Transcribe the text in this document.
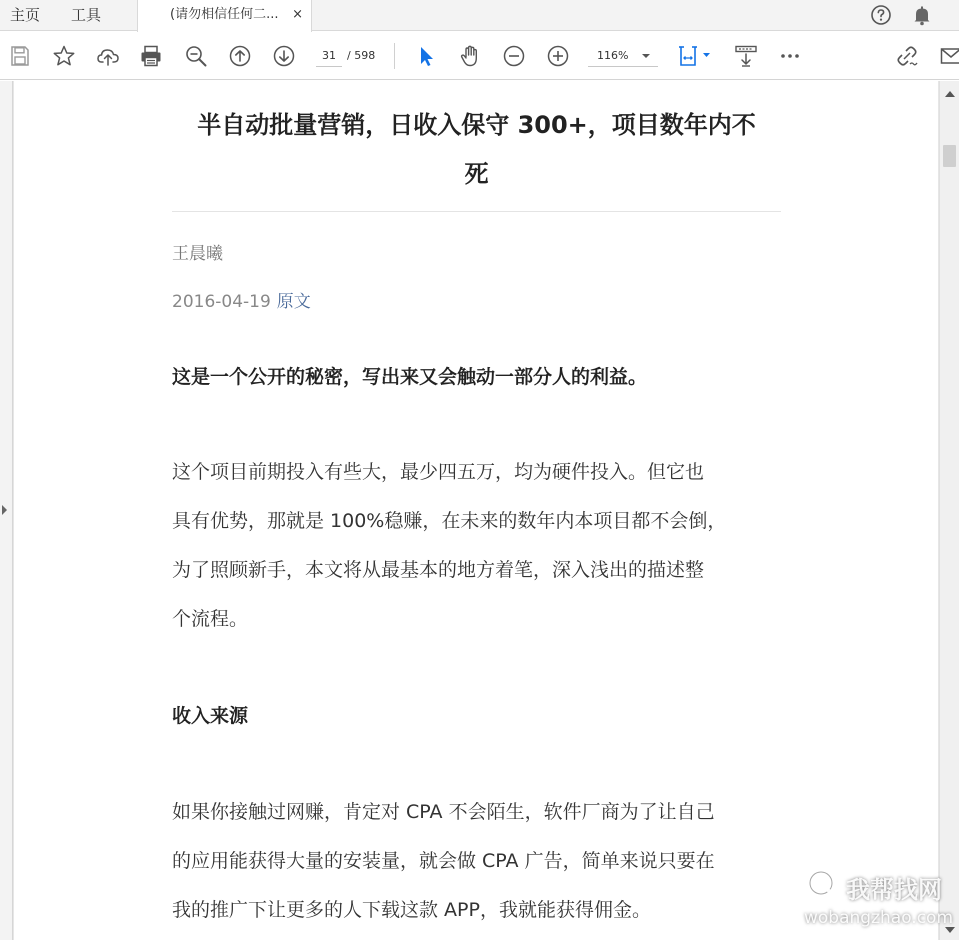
主页 工具	(请勿相信任何二...	×
31	/ 598	116%
半自动批量营销，日收入保守 300+，项目数年内不
死
王晨曦
2016-04-19 原文
这是一个公开的秘密，写出来又会触动一部分人的利益。
这个项目前期投入有些大，最少四五万，均为硬件投入。但它也
具有优势，那就是 100%稳赚，在未来的数年内本项目都不会倒，
为了照顾新手，本文将从最基本的地方着笔，深入浅出的描述整
个流程。
收入来源
如果你接触过网赚，肯定对 CPA 不会陌生，软件厂商为了让自己
的应用能获得大量的安装量，就会做 CPA 广告，简单来说只要在
我的推广下让更多的人下载这款 APP，我就能获得佣金。
我帮找网
wobangzhao.com
